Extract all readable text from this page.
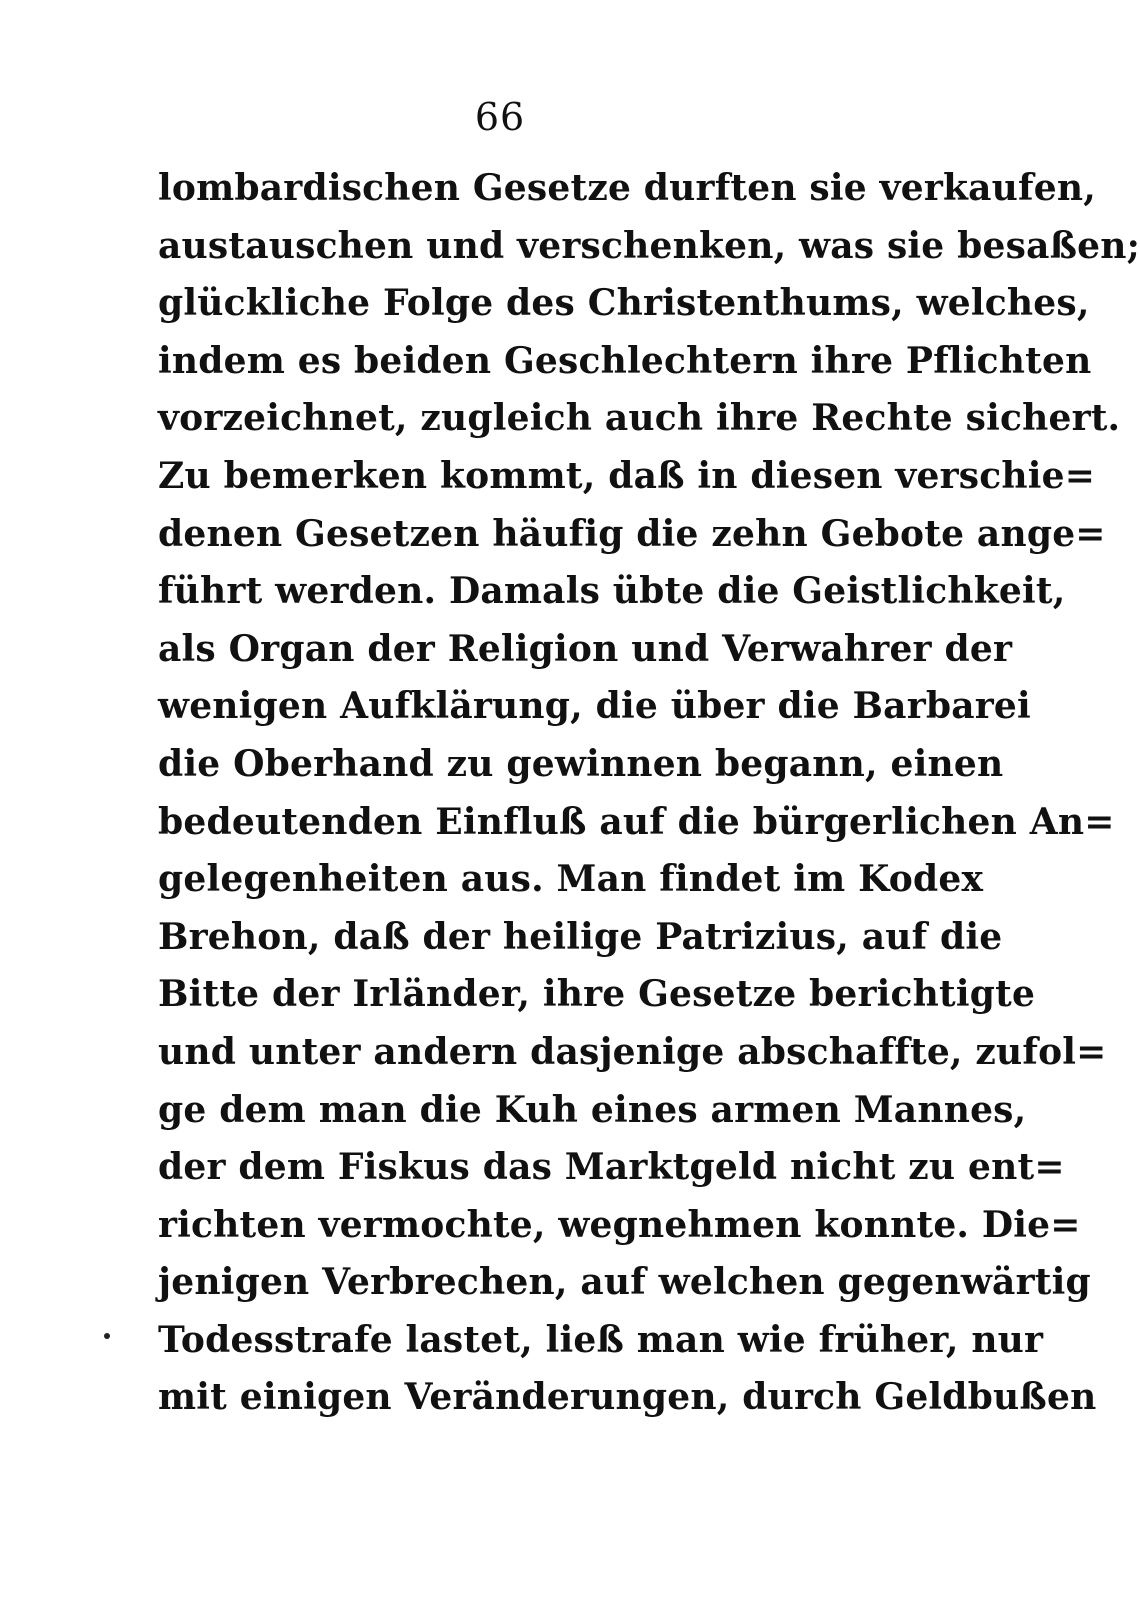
66
lombardischen Gesetze durften sie verkaufen,
austauschen und verschenken, was sie besaßen;
glückliche Folge des Christenthums, welches,
indem es beiden Geschlechtern ihre Pflichten
vorzeichnet, zugleich auch ihre Rechte sichert.
Zu bemerken kommt, daß in diesen verschie=
denen Gesetzen häufig die zehn Gebote ange=
führt werden. Damals übte die Geistlichkeit,
als Organ der Religion und Verwahrer der
wenigen Aufklärung, die über die Barbarei
die Oberhand zu gewinnen begann, einen
bedeutenden Einfluß auf die bürgerlichen An=
gelegenheiten aus. Man findet im Kodex
Brehon, daß der heilige Patrizius, auf die
Bitte der Irländer, ihre Gesetze berichtigte
und unter andern dasjenige abschaffte, zufol=
ge dem man die Kuh eines armen Mannes,
der dem Fiskus das Marktgeld nicht zu ent=
richten vermochte, wegnehmen konnte. Die=
jenigen Verbrechen, auf welchen gegenwärtig
Todesstrafe lastet, ließ man wie früher, nur
mit einigen Veränderungen, durch Geldbußen
